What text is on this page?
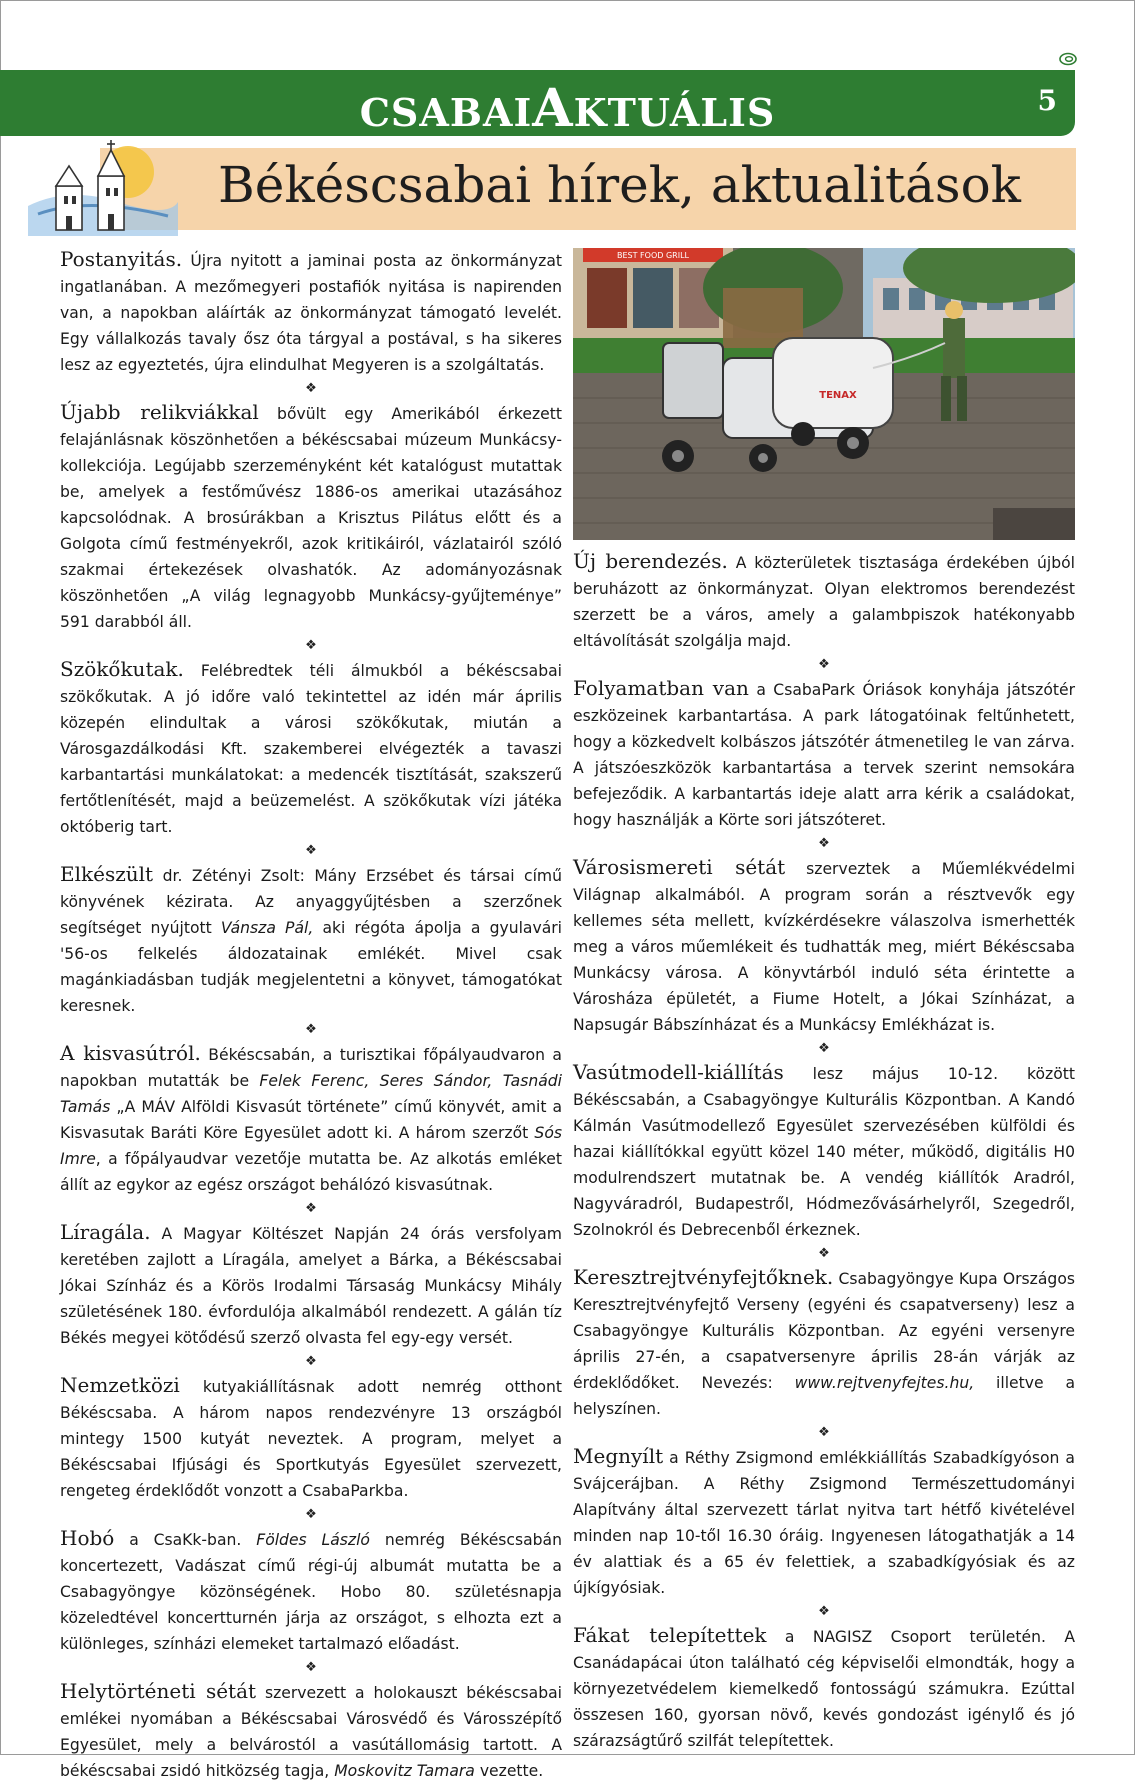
CSABAIAKTUÁLIS	5
Békéscsabai hírek, aktualitások

Postanyitás. Újra nyitott a jaminai posta az önkormányzat ingatlanában. A mezőmegyeri postafiók nyitása is napirenden van, a napokban aláírták az önkormányzat támogató levelét. Egy vállalkozás tavaly ősz óta tárgyal a postával, s ha sikeres lesz az egyeztetés, újra elindulhat Megyeren is a szolgáltatás.

❖

Újabb relikviákkal bővült egy Amerikából érkezett felajánlásnak köszönhetően a békéscsabai múzeum Munkácsy-kollekciója. Legújabb szerzeményként két katalógust mutattak be, amelyek a festőművész 1886-os amerikai utazásához kapcsolódnak. A brosúrákban a Krisztus Pilátus előtt és a Golgota című festményekről, azok kritikáiról, vázlatairól szóló szakmai értekezések olvashatók. Az adományozásnak köszönhetően „A világ legnagyobb Munkácsy-gyűjteménye” 591 darabból áll.

❖

Szökőkutak. Felébredtek téli álmukból a békéscsabai szökőkutak. A jó időre való tekintettel az idén már április közepén elindultak a városi szökőkutak, miután a Városgazdálkodási Kft. szakemberei elvégezték a tavaszi karbantartási munkálatokat: a medencék tisztítását, szakszerű fertőtlenítését, majd a beüzemelést. A szökőkutak vízi játéka októberig tart.

❖

Elkészült dr. Zétényi Zsolt: Mány Erzsébet és társai című könyvének kézirata. Az anyaggyűjtésben a szerzőnek segítséget nyújtott Vánsza Pál, aki régóta ápolja a gyulavári '56-os felkelés áldozatainak emlékét. Mivel csak magánkiadásban tudják megjelentetni a könyvet, támogatókat keresnek.

❖

A kisvasútról. Békéscsabán, a turisztikai főpályaudvaron a napokban mutatták be Felek Ferenc, Seres Sándor, Tasnádi Tamás „A MÁV Alföldi Kisvasút története” című könyvét, amit a Kisvasutak Baráti Köre Egyesület adott ki. A három szerzőt Sós Imre, a főpályaudvar vezetője mutatta be. Az alkotás emléket állít az egykor az egész országot behálózó kisvasútnak.

❖

Líragála. A Magyar Költészet Napján 24 órás versfolyam keretében zajlott a Líragála, amelyet a Bárka, a Békéscsabai Jókai Színház és a Körös Irodalmi Társaság Munkácsy Mihály születésének 180. évfordulója alkalmából rendezett. A gálán tíz Békés megyei kötődésű szerző olvasta fel egy-egy versét.

❖

Nemzetközi kutyakiállításnak adott nemrég otthont Békéscsaba. A három napos rendezvényre 13 országból mintegy 1500 kutyát neveztek. A program, melyet a Békéscsabai Ifjúsági és Sportkutyás Egyesület szervezett, rengeteg érdeklődőt vonzott a CsabaParkba.

❖

Hobó a CsaKk-ban. Földes László nemrég Békéscsabán koncertezett, Vadászat című régi-új albumát mutatta be a Csabagyöngye közönségének. Hobo 80. születésnapja közeledtével koncertturnén járja az országot, s elhozta ezt a különleges, színházi elemeket tartalmazó előadást.

❖

Helytörténeti sétát szervezett a holokauszt békéscsabai emlékei nyomában a Békéscsabai Városvédő és Városszépítő Egyesület, mely a belvárostól a vasútállomásig tartott. A békéscsabai zsidó hitközség tagja, Moskovitz Tamara vezette.

BEST FOOD GRILL
TENAX

Új berendezés. A közterületek tisztasága érdekében újból beruházott az önkormányzat. Olyan elektromos berendezést szerzett be a város, amely a galambpiszok hatékonyabb eltávolítását szolgálja majd.

❖

Folyamatban van a CsabaPark Óriások konyhája játszótér eszközeinek karbantartása. A park látogatóinak feltűnhetett, hogy a közkedvelt kolbászos játszótér átmenetileg le van zárva. A játszóeszközök karbantartása a tervek szerint nemsokára befejeződik. A karbantartás ideje alatt arra kérik a családokat, hogy használják a Körte sori játszóteret.

❖

Városismereti sétát szerveztek a Műemlékvédelmi Világnap alkalmából. A program során a résztvevők egy kellemes séta mellett, kvízkérdésekre válaszolva ismerhették meg a város műemlékeit és tudhatták meg, miért Békéscsaba Munkácsy városa. A könyvtárból induló séta érintette a Városháza épületét, a Fiume Hotelt, a Jókai Színházat, a Napsugár Bábszínházat és a Munkácsy Emlékházat is.

❖

Vasútmodell-kiállítás lesz május 10-12. között Békéscsabán, a Csabagyöngye Kulturális Központban. A Kandó Kálmán Vasútmodellező Egyesület szervezésében külföldi és hazai kiállítókkal együtt közel 140 méter, működő, digitális H0 modulrendszert mutatnak be. A vendég kiállítók Aradról, Nagyváradról, Budapestről, Hódmezővásárhelyről, Szegedről, Szolnokról és Debrecenből érkeznek.

❖

Keresztrejtvényfejtőknek. Csabagyöngye Kupa Országos Keresztrejtvényfejtő Verseny (egyéni és csapatverseny) lesz a Csabagyöngye Kulturális Központban. Az egyéni versenyre április 27-én, a csapatversenyre április 28-án várják az érdeklődőket. Nevezés: www.rejtvenyfejtes.hu, illetve a helyszínen.

❖

Megnyílt a Réthy Zsigmond emlékkiállítás Szabadkígyóson a Svájcerájban. A Réthy Zsigmond Természettudományi Alapítvány által szervezett tárlat nyitva tart hétfő kivételével minden nap 10-től 16.30 óráig. Ingyenesen látogathatják a 14 év alattiak és a 65 év felettiek, a szabadkígyósiak és az újkígyósiak.

❖

Fákat telepítettek a NAGISZ Csoport területén. A Csanádapácai úton található cég képviselői elmondták, hogy a környezetvédelem kiemelkedő fontosságú számukra. Ezúttal összesen 160, gyorsan növő, kevés gondozást igénylő és jó szárazságtűrő szilfát telepítettek.
